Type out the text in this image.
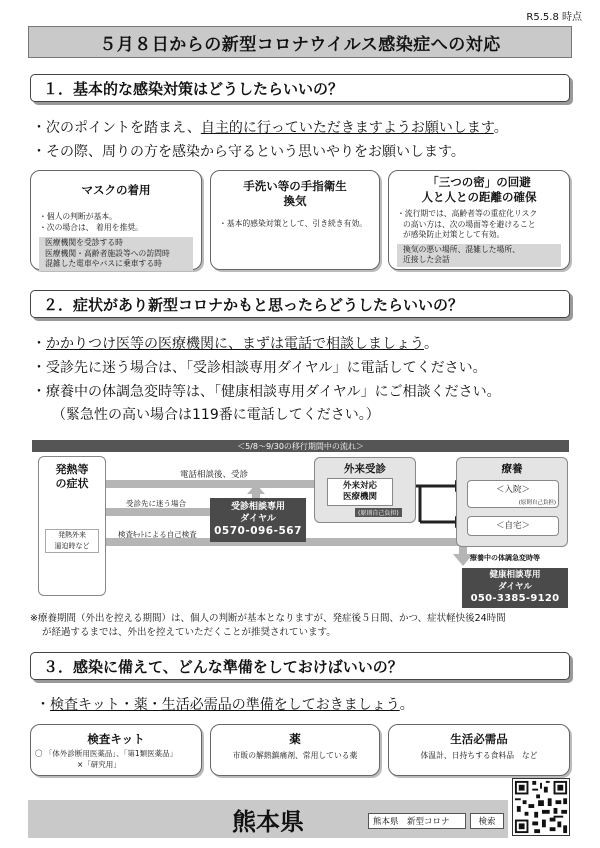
R5.5.8 時点
５月８日からの新型コロナウイルス感染症への対応
１．基本的な感染対策はどうしたらいいの？
・次のポイントを踏まえ、自主的に行っていただきますようお願いします。
・その際、周りの方を感染から守るという思いやりをお願いします。
マスクの着用
・個人の判断が基本。
・次の場合は、 着用を推奨。
医療機関を受診する時
医療機関・高齢者施設等への訪問時
混雑した電車やバスに乗車する時
手洗い等の手指衛生
換気
・基本的感染対策として、引き続き有効。
「三つの密」の回避
人と人との距離の確保
・流行期では、高齢者等の重症化リスク
の高い方は、次の場面等を避けること
が感染防止対策として有効。
換気の悪い場所、混雑した場所、
近接した会話
２．症状があり新型コロナかもと思ったらどうしたらいいの？
・かかりつけ医等の医療機関に、まずは電話で相談しましょう。
・受診先に迷う場合は、「受診相談専用ダイヤル」に電話してください。
・療養中の体調急変時等は、「健康相談専用ダイヤル」にご相談ください。
（緊急性の高い場合は119番に電話してください。）
＜5/8～9/30の移行期間中の流れ＞
発熱等
の症状
発熱外来
逼迫時など
電話相談後、受診
受診先に迷う場合
検査ｷｯﾄによる自己検査
受診相談専用
ダイヤル
0570-096-567
外来受診
外来対応
医療機関
(原則自己負担)
療養
＜入院＞
(原則自己負担)
＜自宅＞
療養中の体調急変時等
健康相談専用
ダイヤル
050-3385-9120
※療養期間（外出を控える期間）は、個人の判断が基本となりますが、発症後５日間、かつ、症状軽快後24時間
が経過するまでは、外出を控えていただくことが推奨されています。
３．感染に備えて、どんな準備をしておけばいいの？
・検査キット・薬・生活必需品の準備をしておきましょう。
検査キット
〇 「体外診断用医薬品」、「第1類医薬品」
×「研究用」
薬
市販の解熱鎮痛剤、常用している薬
生活必需品
体温計、日持ちする食料品　など
熊本県	熊本県　新型コロナ	検索
